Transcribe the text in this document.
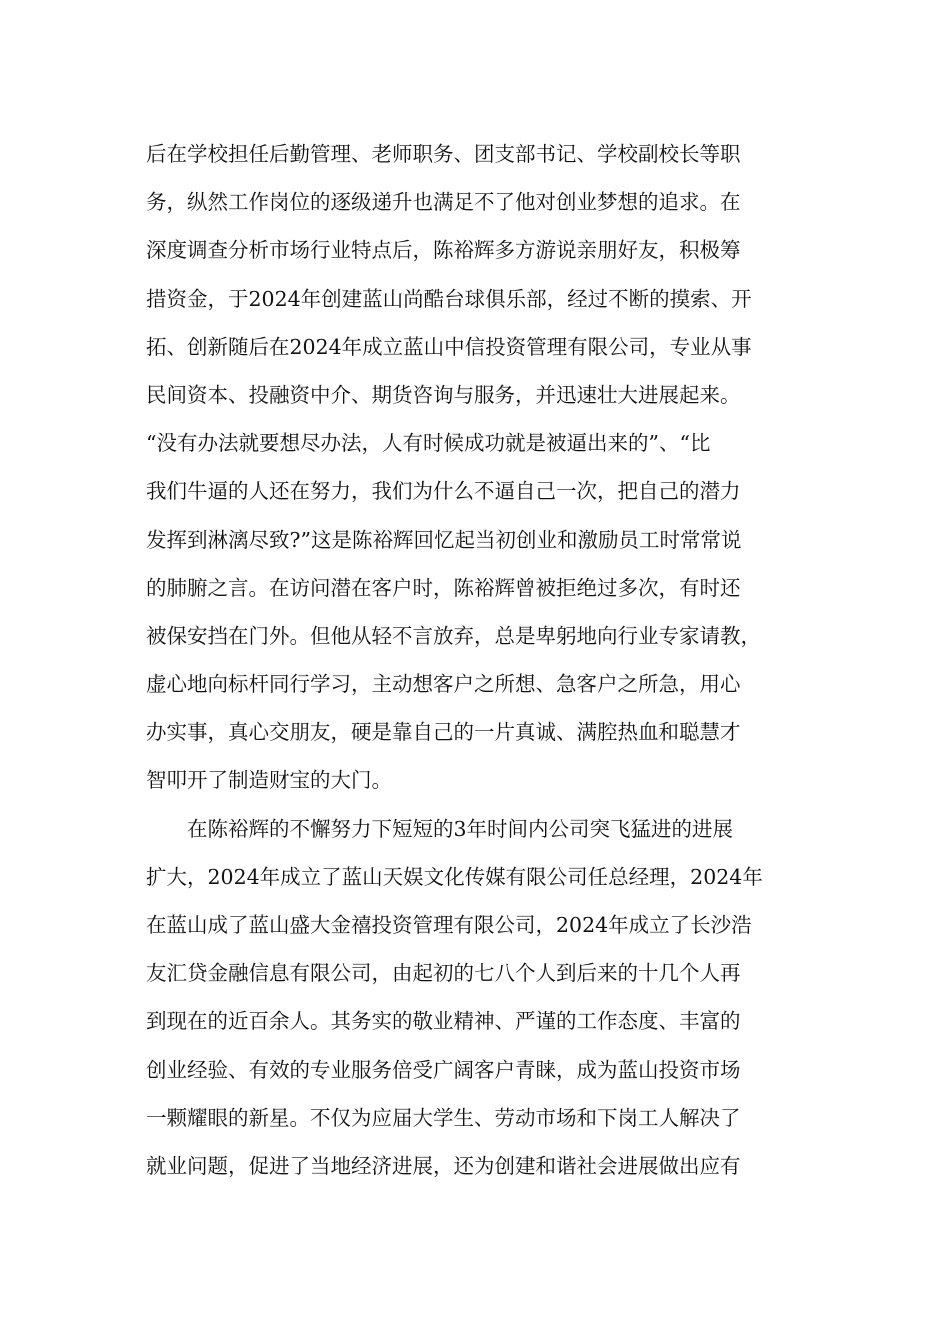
后在学校担任后勤管理、老师职务、团支部书记、学校副校长等职
务，纵然工作岗位的逐级递升也满足不了他对创业梦想的追求。在
深度调查分析市场行业特点后，陈裕辉多方游说亲朋好友，积极筹
措资金，于2024年创建蓝山尚酷台球俱乐部，经过不断的摸索、开
拓、创新随后在2024年成立蓝山中信投资管理有限公司，专业从事
民间资本、投融资中介、期货咨询与服务，并迅速壮大进展起来。
“没有办法就要想尽办法，人有时候成功就是被逼出来的”、“比
我们牛逼的人还在努力，我们为什么不逼自己一次，把自己的潜力
发挥到淋漓尽致?”这是陈裕辉回忆起当初创业和激励员工时常常说
的肺腑之言。在访问潜在客户时，陈裕辉曾被拒绝过多次，有时还
被保安挡在门外。但他从轻不言放弃，总是卑躬地向行业专家请教，
虚心地向标杆同行学习，主动想客户之所想、急客户之所急，用心
办实事，真心交朋友，硬是靠自己的一片真诚、满腔热血和聪慧才
智叩开了制造财宝的大门。
在陈裕辉的不懈努力下短短的3年时间内公司突飞猛进的进展
扩大，2024年成立了蓝山天娱文化传媒有限公司任总经理，2024年
在蓝山成了蓝山盛大金禧投资管理有限公司，2024年成立了长沙浩
友汇贷金融信息有限公司，由起初的七八个人到后来的十几个人再
到现在的近百余人。其务实的敬业精神、严谨的工作态度、丰富的
创业经验、有效的专业服务倍受广阔客户青睐，成为蓝山投资市场
一颗耀眼的新星。不仅为应届大学生、劳动市场和下岗工人解决了
就业问题，促进了当地经济进展，还为创建和谐社会进展做出应有
